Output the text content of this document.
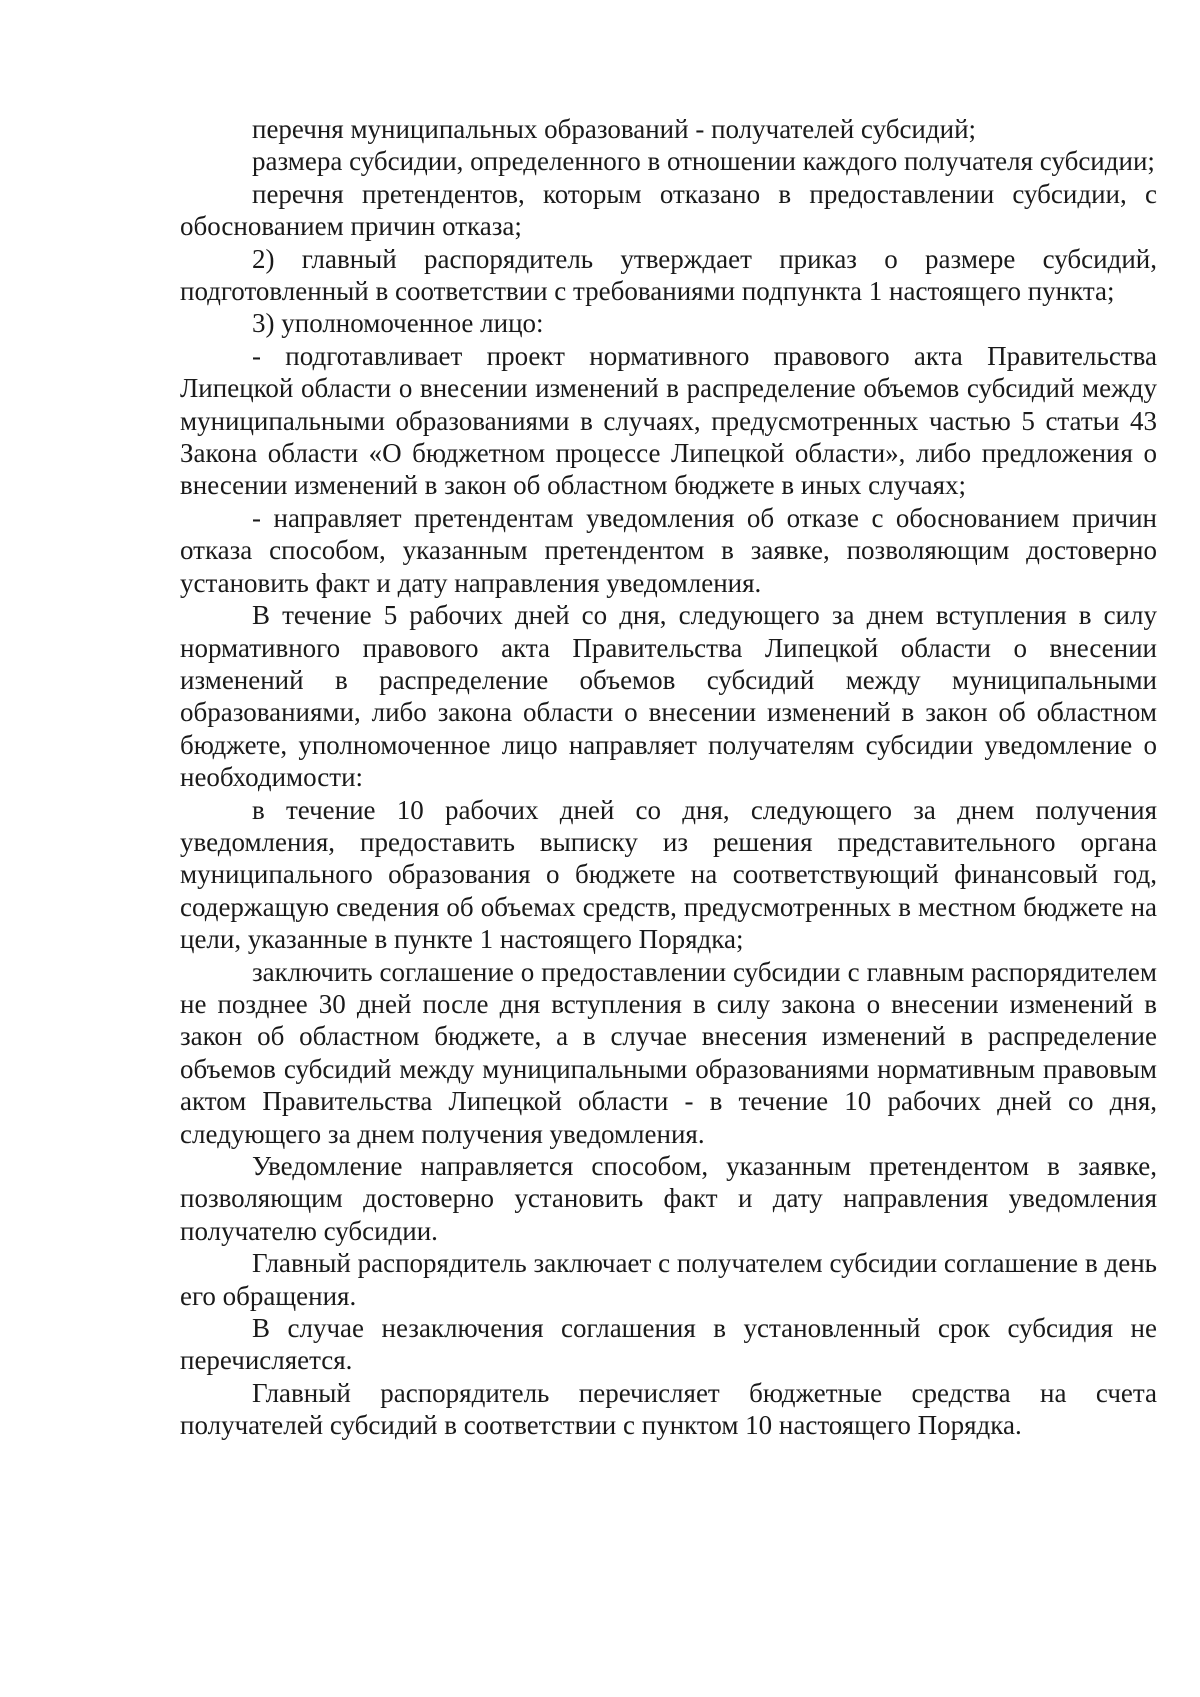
перечня муниципальных образований - получателей субсидий;

размера субсидии, определенного в отношении каждого получателя субсидии;

перечня претендентов, которым отказано в предоставлении субсидии, с обоснованием причин отказа;

2) главный распорядитель утверждает приказ о размере субсидий, подготовленный в соответствии с требованиями подпункта 1 настоящего пункта;

3) уполномоченное лицо:

- подготавливает проект нормативного правового акта Правительства Липецкой области о внесении изменений в распределение объемов субсидий между муниципальными образованиями в случаях, предусмотренных частью 5 статьи 43 Закона области «О бюджетном процессе Липецкой области», либо предложения о внесении изменений в закон об областном бюджете в иных случаях;

- направляет претендентам уведомления об отказе с обоснованием причин отказа способом, указанным претендентом в заявке, позволяющим достоверно установить факт и дату направления уведомления.

В течение 5 рабочих дней со дня, следующего за днем вступления в силу нормативного правового акта Правительства Липецкой области о внесении изменений в распределение объемов субсидий между муниципальными образованиями, либо закона области о внесении изменений в закон об областном бюджете, уполномоченное лицо направляет получателям субсидии уведомление о необходимости:

в течение 10 рабочих дней со дня, следующего за днем получения уведомления, предоставить выписку из решения представительного органа муниципального образования о бюджете на соответствующий финансовый год, содержащую сведения об объемах средств, предусмотренных в местном бюджете на цели, указанные в пункте 1 настоящего Порядка;

заключить соглашение о предоставлении субсидии с главным распорядителем не позднее 30 дней после дня вступления в силу закона о внесении изменений в закон об областном бюджете, а в случае внесения изменений в распределение объемов субсидий между муниципальными образованиями нормативным правовым актом Правительства Липецкой области - в течение 10 рабочих дней со дня, следующего за днем получения уведомления.

Уведомление направляется способом, указанным претендентом в заявке, позволяющим достоверно установить факт и дату направления уведомления получателю субсидии.

Главный распорядитель заключает с получателем субсидии соглашение в день его обращения.

В случае незаключения соглашения в установленный срок субсидия не перечисляется.

Главный распорядитель перечисляет бюджетные средства на счета получателей субсидий в соответствии с пунктом 10 настоящего Порядка.
